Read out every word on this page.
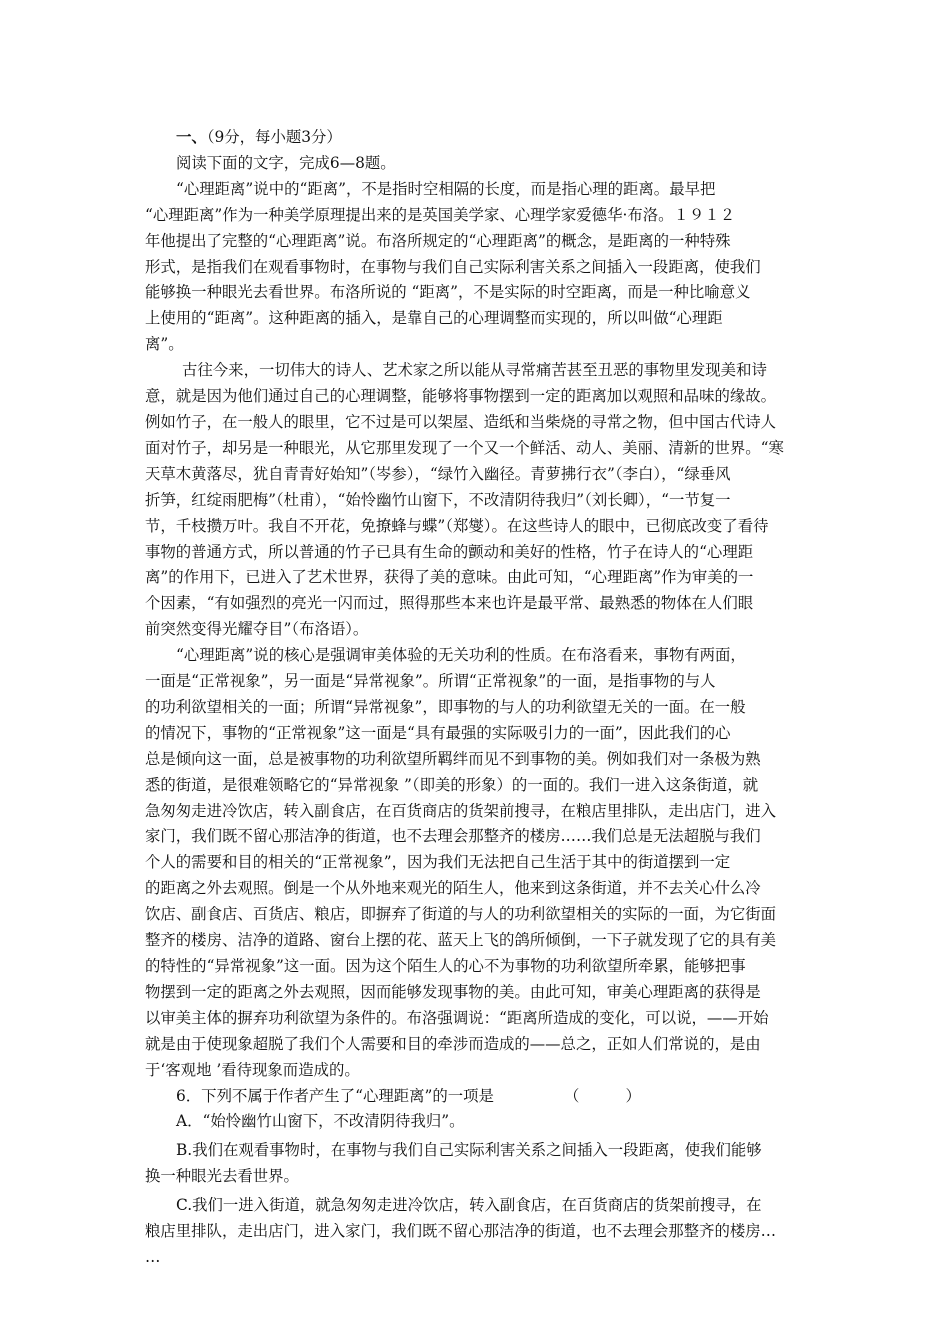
一、（9分，每小题3分）
阅读下面的文字，完成6—8题。
“心理距离”说中的“距离”，不是指时空相隔的长度，而是指心理的距离。最早把
“心理距离”作为一种美学原理提出来的是英国美学家、心理学家爱德华·布洛。１９１２
年他提出了完整的“心理距离”说。布洛所规定的“心理距离”的概念，是距离的一种特殊
形式，是指我们在观看事物时，在事物与我们自己实际利害关系之间插入一段距离，使我们
能够换一种眼光去看世界。布洛所说的 “距离”，不是实际的时空距离，而是一种比喻意义
上使用的“距离”。这种距离的插入，是靠自己的心理调整而实现的，所以叫做“心理距
离”。
古往今来，一切伟大的诗人、艺术家之所以能从寻常痛苦甚至丑恶的事物里发现美和诗
意，就是因为他们通过自己的心理调整，能够将事物摆到一定的距离加以观照和品味的缘故。
例如竹子，在一般人的眼里，它不过是可以架屋、造纸和当柴烧的寻常之物，但中国古代诗人
面对竹子，却另是一种眼光，从它那里发现了一个又一个鲜活、动人、美丽、清新的世界。“寒
天草木黄落尽，犹自青青好始知”（岑参），“绿竹入幽径。青萝拂行衣”（李白），“绿垂风
折笋，红绽雨肥梅”（杜甫），“始怜幽竹山窗下，不改清阴待我归”（刘长卿），“一节复一
节，千枝攒万叶。我自不开花，免撩蜂与蝶”（郑燮）。在这些诗人的眼中，已彻底改变了看待
事物的普通方式，所以普通的竹子已具有生命的颤动和美好的性格，竹子在诗人的“心理距
离”的作用下，已进入了艺术世界，获得了美的意味。由此可知，“心理距离”作为审美的一
个因素，“有如强烈的亮光一闪而过，照得那些本来也许是最平常、最熟悉的物体在人们眼
前突然变得光耀夺目”（布洛语）。
“心理距离”说的核心是强调审美体验的无关功利的性质。在布洛看来，事物有两面，
一面是“正常视象”，另一面是“异常视象”。所谓“正常视象”的一面，是指事物的与人
的功利欲望相关的一面；所谓“异常视象”，即事物的与人的功利欲望无关的一面。在一般
的情况下，事物的“正常视象”这一面是“具有最强的实际吸引力的一面”，因此我们的心
总是倾向这一面，总是被事物的功利欲望所羁绊而见不到事物的美。例如我们对一条极为熟
悉的街道，是很难领略它的“异常视象 ”（即美的形象）的一面的。我们一进入这条街道，就
急匆匆走进冷饮店，转入副食店，在百货商店的货架前搜寻，在粮店里排队，走出店门，进入
家门，我们既不留心那洁净的街道，也不去理会那整齐的楼房……我们总是无法超脱与我们
个人的需要和目的相关的“正常视象”，因为我们无法把自己生活于其中的街道摆到一定
的距离之外去观照。倒是一个从外地来观光的陌生人，他来到这条街道，并不去关心什么冷
饮店、副食店、百货店、粮店，即摒弃了街道的与人的功利欲望相关的实际的一面，为它街面
整齐的楼房、洁净的道路、窗台上摆的花、蓝天上飞的鸽所倾倒，一下子就发现了它的具有美
的特性的“异常视象”这一面。因为这个陌生人的心不为事物的功利欲望所牵累，能够把事
物摆到一定的距离之外去观照，因而能够发现事物的美。由此可知，审美心理距离的获得是
以审美主体的摒弃功利欲望为条件的。布洛强调说：“距离所造成的变化，可以说，——开始
就是由于使现象超脱了我们个人需要和目的牵涉而造成的——总之，正如人们常说的，是由
于‘客观地 ’看待现象而造成的。
6．下列不属于作者产生了“心理距离”的一项是	（　　　）
A．“始怜幽竹山窗下，不改清阴待我归”。
B.我们在观看事物时，在事物与我们自己实际利害关系之间插入一段距离，使我们能够
换一种眼光去看世界。
C.我们一进入街道，就急匆匆走进冷饮店，转入副食店，在百货商店的货架前搜寻，在
粮店里排队，走出店门，进入家门，我们既不留心那洁净的街道，也不去理会那整齐的楼房…
…
